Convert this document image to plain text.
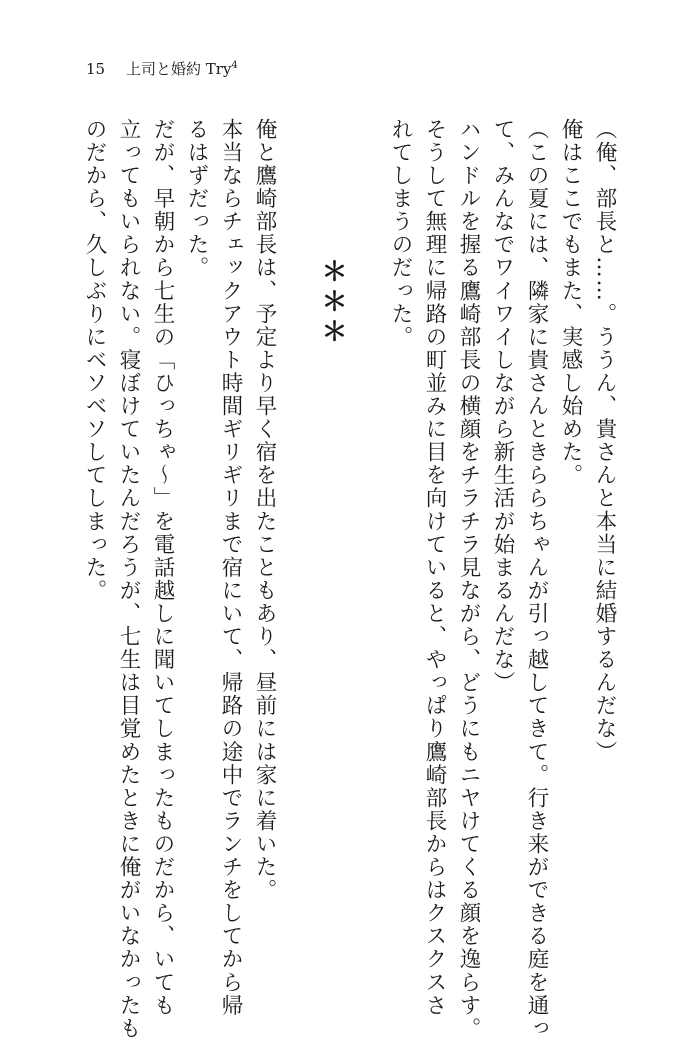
15 上司と婚約 Try$^4$
（俺、部長と……。ううん、貴さんと本当に結婚するんだな）
俺はここでもまた、実感し始めた。
（この夏には、隣家に貴さんときららちゃんが引っ越してきて。行き来ができる庭を通っ
て、みんなでワイワイしながら新生活が始まるんだな）
ハンドルを握る鷹崎部長の横顔をチラチラ見ながら、どうにもニヤけてくる顔を逸らす。
そうして無理に帰路の町並みに目を向けていると、やっぱり鷹崎部長からはクスクスさ
れてしまうのだった。
＊＊＊
俺と鷹崎部長は、予定より早く宿を出たこともあり、昼前には家に着いた。
本当ならチェックアウト時間ギリギリまで宿にいて、帰路の途中でランチをしてから帰
るはずだった。
だが、早朝から七生の「ひっちゃ～」を電話越しに聞いてしまったものだから、いても
立ってもいられない。寝ぼけていたんだろうが、七生は目覚めたときに俺がいなかったも
のだから、久しぶりにベソベソしてしまった。
